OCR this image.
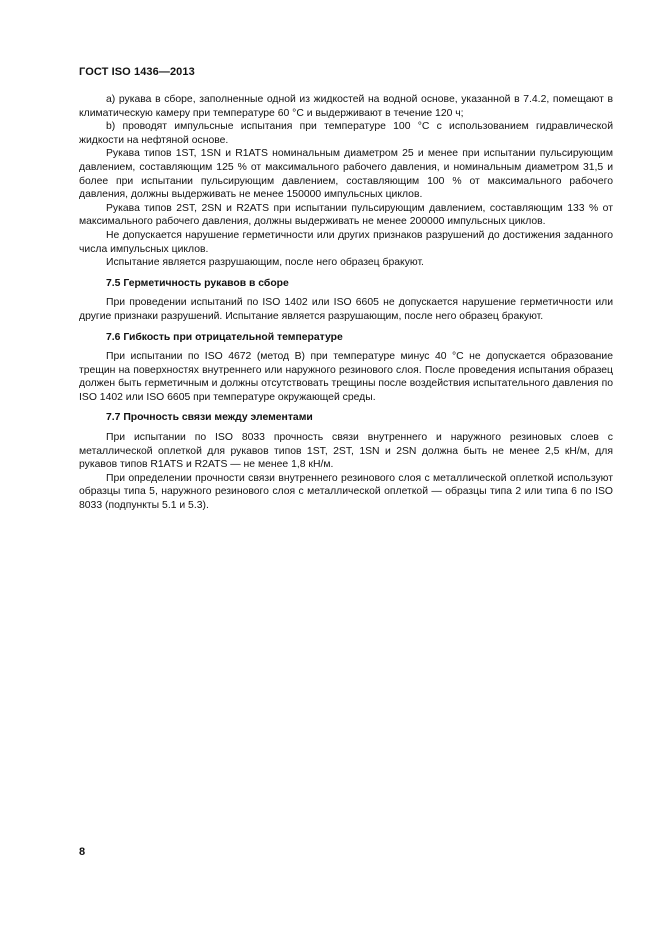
ГОСТ ISO 1436—2013

а) рукава в сборе, заполненные одной из жидкостей на водной основе, указанной в 7.4.2, помещают в климатическую камеру при температуре 60 °С и выдерживают в течение 120 ч;

b) проводят импульсные испытания при температуре 100 °С с использованием гидравлической жидкости на нефтяной основе.

Рукава типов 1ST, 1SN и R1ATS номинальным диаметром 25 и менее при испытании пульсирующим давлением, составляющим 125 % от максимального рабочего давления, и номинальным диаметром 31,5 и более при испытании пульсирующим давлением, составляющим 100 % от максимального рабочего давления, должны выдерживать не менее 150000 импульсных циклов.

Рукава типов 2ST, 2SN и R2ATS при испытании пульсирующим давлением, составляющим 133 % от максимального рабочего давления, должны выдерживать не менее 200000 импульсных циклов.

Не допускается нарушение герметичности или других признаков разрушений до достижения заданного числа импульсных циклов.

Испытание является разрушающим, после него образец бракуют.

7.5 Герметичность рукавов в сборе

При проведении испытаний по ISO 1402 или ISO 6605 не допускается нарушение герметичности или другие признаки разрушений. Испытание является разрушающим, после него образец бракуют.

7.6 Гибкость при отрицательной температуре

При испытании по ISO 4672 (метод В) при температуре минус 40 °С не допускается образование трещин на поверхностях внутреннего или наружного резинового слоя. После проведения испытания образец должен быть герметичным и должны отсутствовать трещины после воздействия испытательного давления по ISO 1402 или ISO 6605 при температуре окружающей среды.

7.7 Прочность связи между элементами

При испытании по ISO 8033 прочность связи внутреннего и наружного резиновых слоев с металлической оплеткой для рукавов типов 1ST, 2ST, 1SN и 2SN должна быть не менее 2,5 кН/м, для рукавов типов R1ATS и R2ATS — не менее 1,8 кН/м.

При определении прочности связи внутреннего резинового слоя с металлической оплеткой используют образцы типа 5, наружного резинового слоя с металлической оплеткой — образцы типа 2 или типа 6 по ISO 8033 (подпункты 5.1 и 5.3).

8
